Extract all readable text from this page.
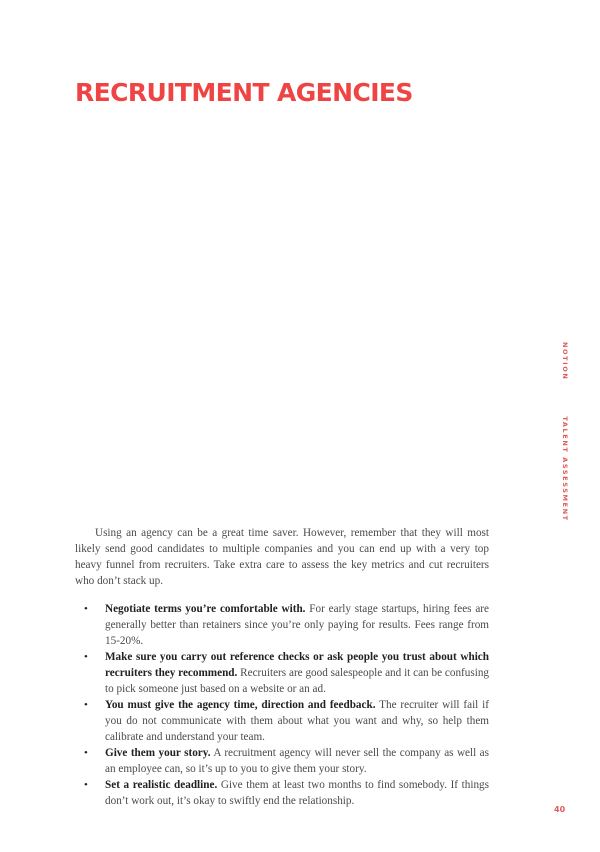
RECRUITMENT AGENCIES
NOTIONTALENT ASSESSMENT

Using an agency can be a great time saver. However, remember that they will most likely send good candidates to multiple companies and you can end up with a very top heavy funnel from recruiters. Take extra care to assess the key metrics and cut recruiters who don’t stack up.

• Negotiate terms you’re comfortable with. For early stage startups, hiring fees are generally better than retainers since you’re only paying for results. Fees range from 15-20%.
• Make sure you carry out reference checks or ask people you trust about which recruiters they recommend. Recruiters are good salespeople and it can be confusing to pick someone just based on a website or an ad.
• You must give the agency time, direction and feedback. The recruiter will fail if you do not communicate with them about what you want and why, so help them calibrate and understand your team.
• Give them your story. A recruitment agency will never sell the company as well as an employee can, so it’s up to you to give them your story.
• Set a realistic deadline. Give them at least two months to find somebody. If things don’t work out, it’s okay to swiftly end the relationship.
40
